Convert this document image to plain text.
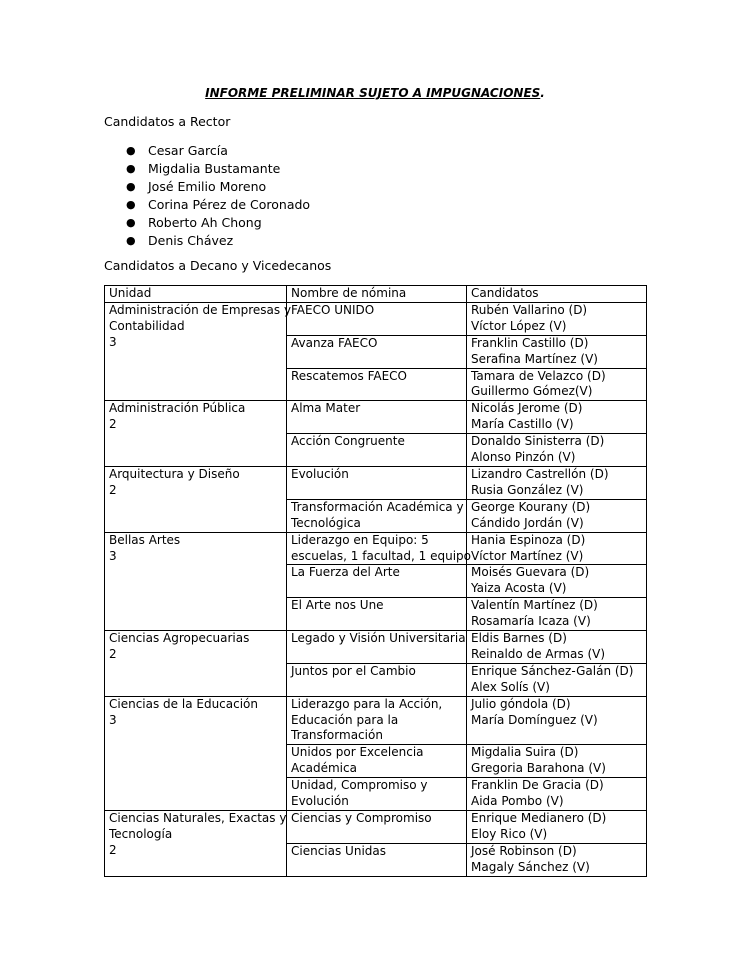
INFORME PRELIMINAR SUJETO A IMPUGNACIONES.
Candidatos a Rector
● Cesar García
● Migdalia Bustamante
● José Emilio Moreno
● Corina Pérez de Coronado
● Roberto Ah Chong
● Denis Chávez
Candidatos a Decano y Vicedecanos
Unidad	Nombre de nómina	Candidatos

Administración de Empresas y
Contabilidad
3	FAECO UNIDO	Rubén Vallarino (D)
Víctor López (V)

	Avanza FAECO	Franklin Castillo (D)
Serafina Martínez (V)

	Rescatemos FAECO	Tamara de Velazco (D)
Guillermo Gómez(V)

Administración Pública
2	Alma Mater	Nicolás Jerome (D)
María Castillo (V)

	Acción Congruente	Donaldo Sinisterra (D)
Alonso Pinzón (V)

Arquitectura y Diseño
2	Evolución	Lizandro Castrellón (D)
Rusia González (V)

	Transformación Académica y
Tecnológica	George Kourany (D)
Cándido Jordán (V)

Bellas Artes
3	Liderazgo en Equipo: 5
escuelas, 1 facultad, 1 equipo	Hania Espinoza (D)
Víctor Martínez (V)

	La Fuerza del Arte	Moisés Guevara (D)
Yaiza Acosta (V)

	El Arte nos Une	Valentín Martínez (D)
Rosamaría Icaza (V)

Ciencias Agropecuarias
2	Legado y Visión Universitaria	Eldis Barnes (D)
Reinaldo de Armas (V)

	Juntos por el Cambio	Enrique Sánchez-Galán (D)
Alex Solís (V)

Ciencias de la Educación
3	Liderazgo para la Acción,
Educación para la
Transformación	Julio góndola (D)
María Domínguez (V)

	Unidos por Excelencia
Académica	Migdalia Suira (D)
Gregoria Barahona (V)

	Unidad, Compromiso y
Evolución	Franklin De Gracia (D)
Aida Pombo (V)

Ciencias Naturales, Exactas y
Tecnología
2	Ciencias y Compromiso	Enrique Medianero (D)
Eloy Rico (V)

	Ciencias Unidas	José Robinson (D)
Magaly Sánchez (V)
